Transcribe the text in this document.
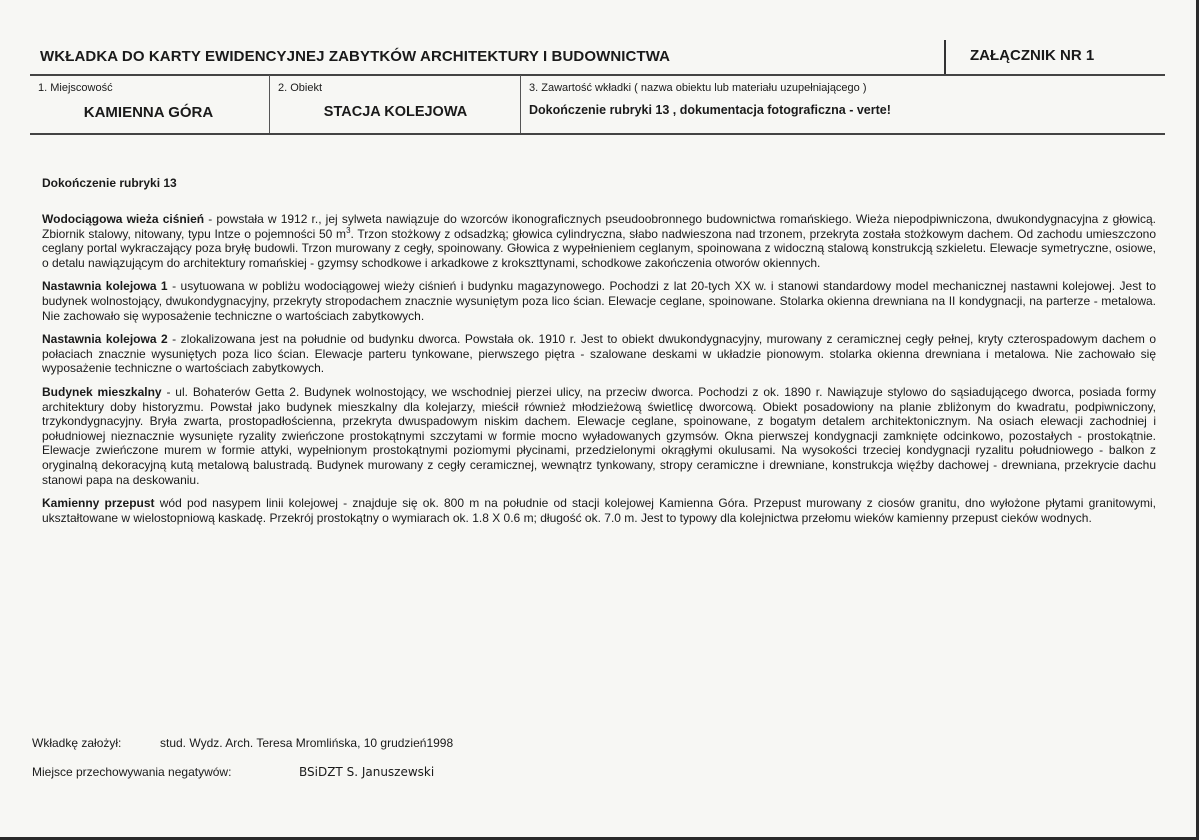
WKŁADKA DO KARTY EWIDENCYJNEJ ZABYTKÓW ARCHITEKTURY I BUDOWNICTWA	ZAŁĄCZNIK NR 1
1. Miejscowość
KAMIENNA GÓRA
2. Obiekt
STACJA KOLEJOWA
3. Zawartość wkładki ( nazwa obiektu lub materiału uzupełniającego )
Dokończenie rubryki 13 , dokumentacja fotograficzna - verte!
Dokończenie rubryki 13

Wodociągowa wieża ciśnień - powstała w 1912 r., jej sylweta nawiązuje do wzorców ikonograficznych pseudoobronnego budownictwa romańskiego. Wieża niepodpiwniczona, dwukondygnacyjna z głowicą. Zbiornik stalowy, nitowany, typu Intze o pojemności 50 $m^3$. Trzon stożkowy z odsadzką; głowica cylindryczna, słabo nadwieszona nad trzonem, przekryta została stożkowym dachem. Od zachodu umieszczono ceglany portal wykraczający poza bryłę budowli. Trzon murowany z cegły, spoinowany. Głowica z wypełnieniem ceglanym, spoinowana z widoczną stalową konstrukcją szkieletu. Elewacje symetryczne, osiowe, o detalu nawiązującym do architektury romańskiej - gzymsy schodkowe i arkadkowe z krokszttynami, schodkowe zakończenia otworów okiennych.

Nastawnia kolejowa 1 - usytuowana w pobliżu wodociągowej wieży ciśnień i budynku magazynowego. Pochodzi z lat 20-tych XX w. i stanowi standardowy model mechanicznej nastawni kolejowej. Jest to budynek wolnostojący, dwukondygnacyjny, przekryty stropodachem znacznie wysuniętym poza lico ścian. Elewacje ceglane, spoinowane. Stolarka okienna drewniana na II kondygnacji, na parterze - metalowa. Nie zachowało się wyposażenie techniczne o wartościach zabytkowych.

Nastawnia kolejowa 2 - zlokalizowana jest na południe od budynku dworca. Powstała ok. 1910 r. Jest to obiekt dwukondygnacyjny, murowany z ceramicznej cegły pełnej, kryty czterospadowym dachem o połaciach znacznie wysuniętych poza lico ścian. Elewacje parteru tynkowane, pierwszego piętra - szalowane deskami w układzie pionowym. stolarka okienna drewniana i metalowa. Nie zachowało się wyposażenie techniczne o wartościach zabytkowych.

Budynek mieszkalny - ul. Bohaterów Getta 2. Budynek wolnostojący, we wschodniej pierzei ulicy, na przeciw dworca. Pochodzi z ok. 1890 r. Nawiązuje stylowo do sąsiadującego dworca, posiada formy architektury doby historyzmu. Powstał jako budynek mieszkalny dla kolejarzy, mieścił również młodzieżową świetlicę dworcową. Obiekt posadowiony na planie zbliżonym do kwadratu, podpiwniczony, trzykondygnacyjny. Bryła zwarta, prostopadłościenna, przekryta dwuspadowym niskim dachem. Elewacje ceglane, spoinowane, z bogatym detalem architektonicznym. Na osiach elewacji zachodniej i południowej nieznacznie wysunięte ryzality zwieńczone prostokątnymi szczytami w formie mocno wyładowanych gzymsów. Okna pierwszej kondygnacji zamknięte odcinkowo, pozostałych - prostokątnie. Elewacje zwieńczone murem w formie attyki, wypełnionym prostokątnymi poziomymi płycinami, przedzielonymi okrągłymi okulusami. Na wysokości trzeciej kondygnacji ryzalitu południowego - balkon z oryginalną dekoracyjną kutą metalową balustradą. Budynek murowany z cegły ceramicznej, wewnątrz tynkowany, stropy ceramiczne i drewniane, konstrukcja więźby dachowej - drewniana, przekrycie dachu stanowi papa na deskowaniu.

Kamienny przepust wód pod nasypem linii kolejowej - znajduje się ok. 800 m na południe od stacji kolejowej Kamienna Góra. Przepust murowany z ciosów granitu, dno wyłożone płytami granitowymi, ukształtowane w wielostopniową kaskadę. Przekrój prostokątny o wymiarach ok. 1.8 X 0.6 m; długość ok. 7.0 m. Jest to typowy dla kolejnictwa przełomu wieków kamienny przepust cieków wodnych.

Wkładkę założył:	stud. Wydz. Arch. Teresa Mromlińska, 10 grudzień1998
Miejsce przechowywania negatywów:	BSiDZT S. Januszewski
